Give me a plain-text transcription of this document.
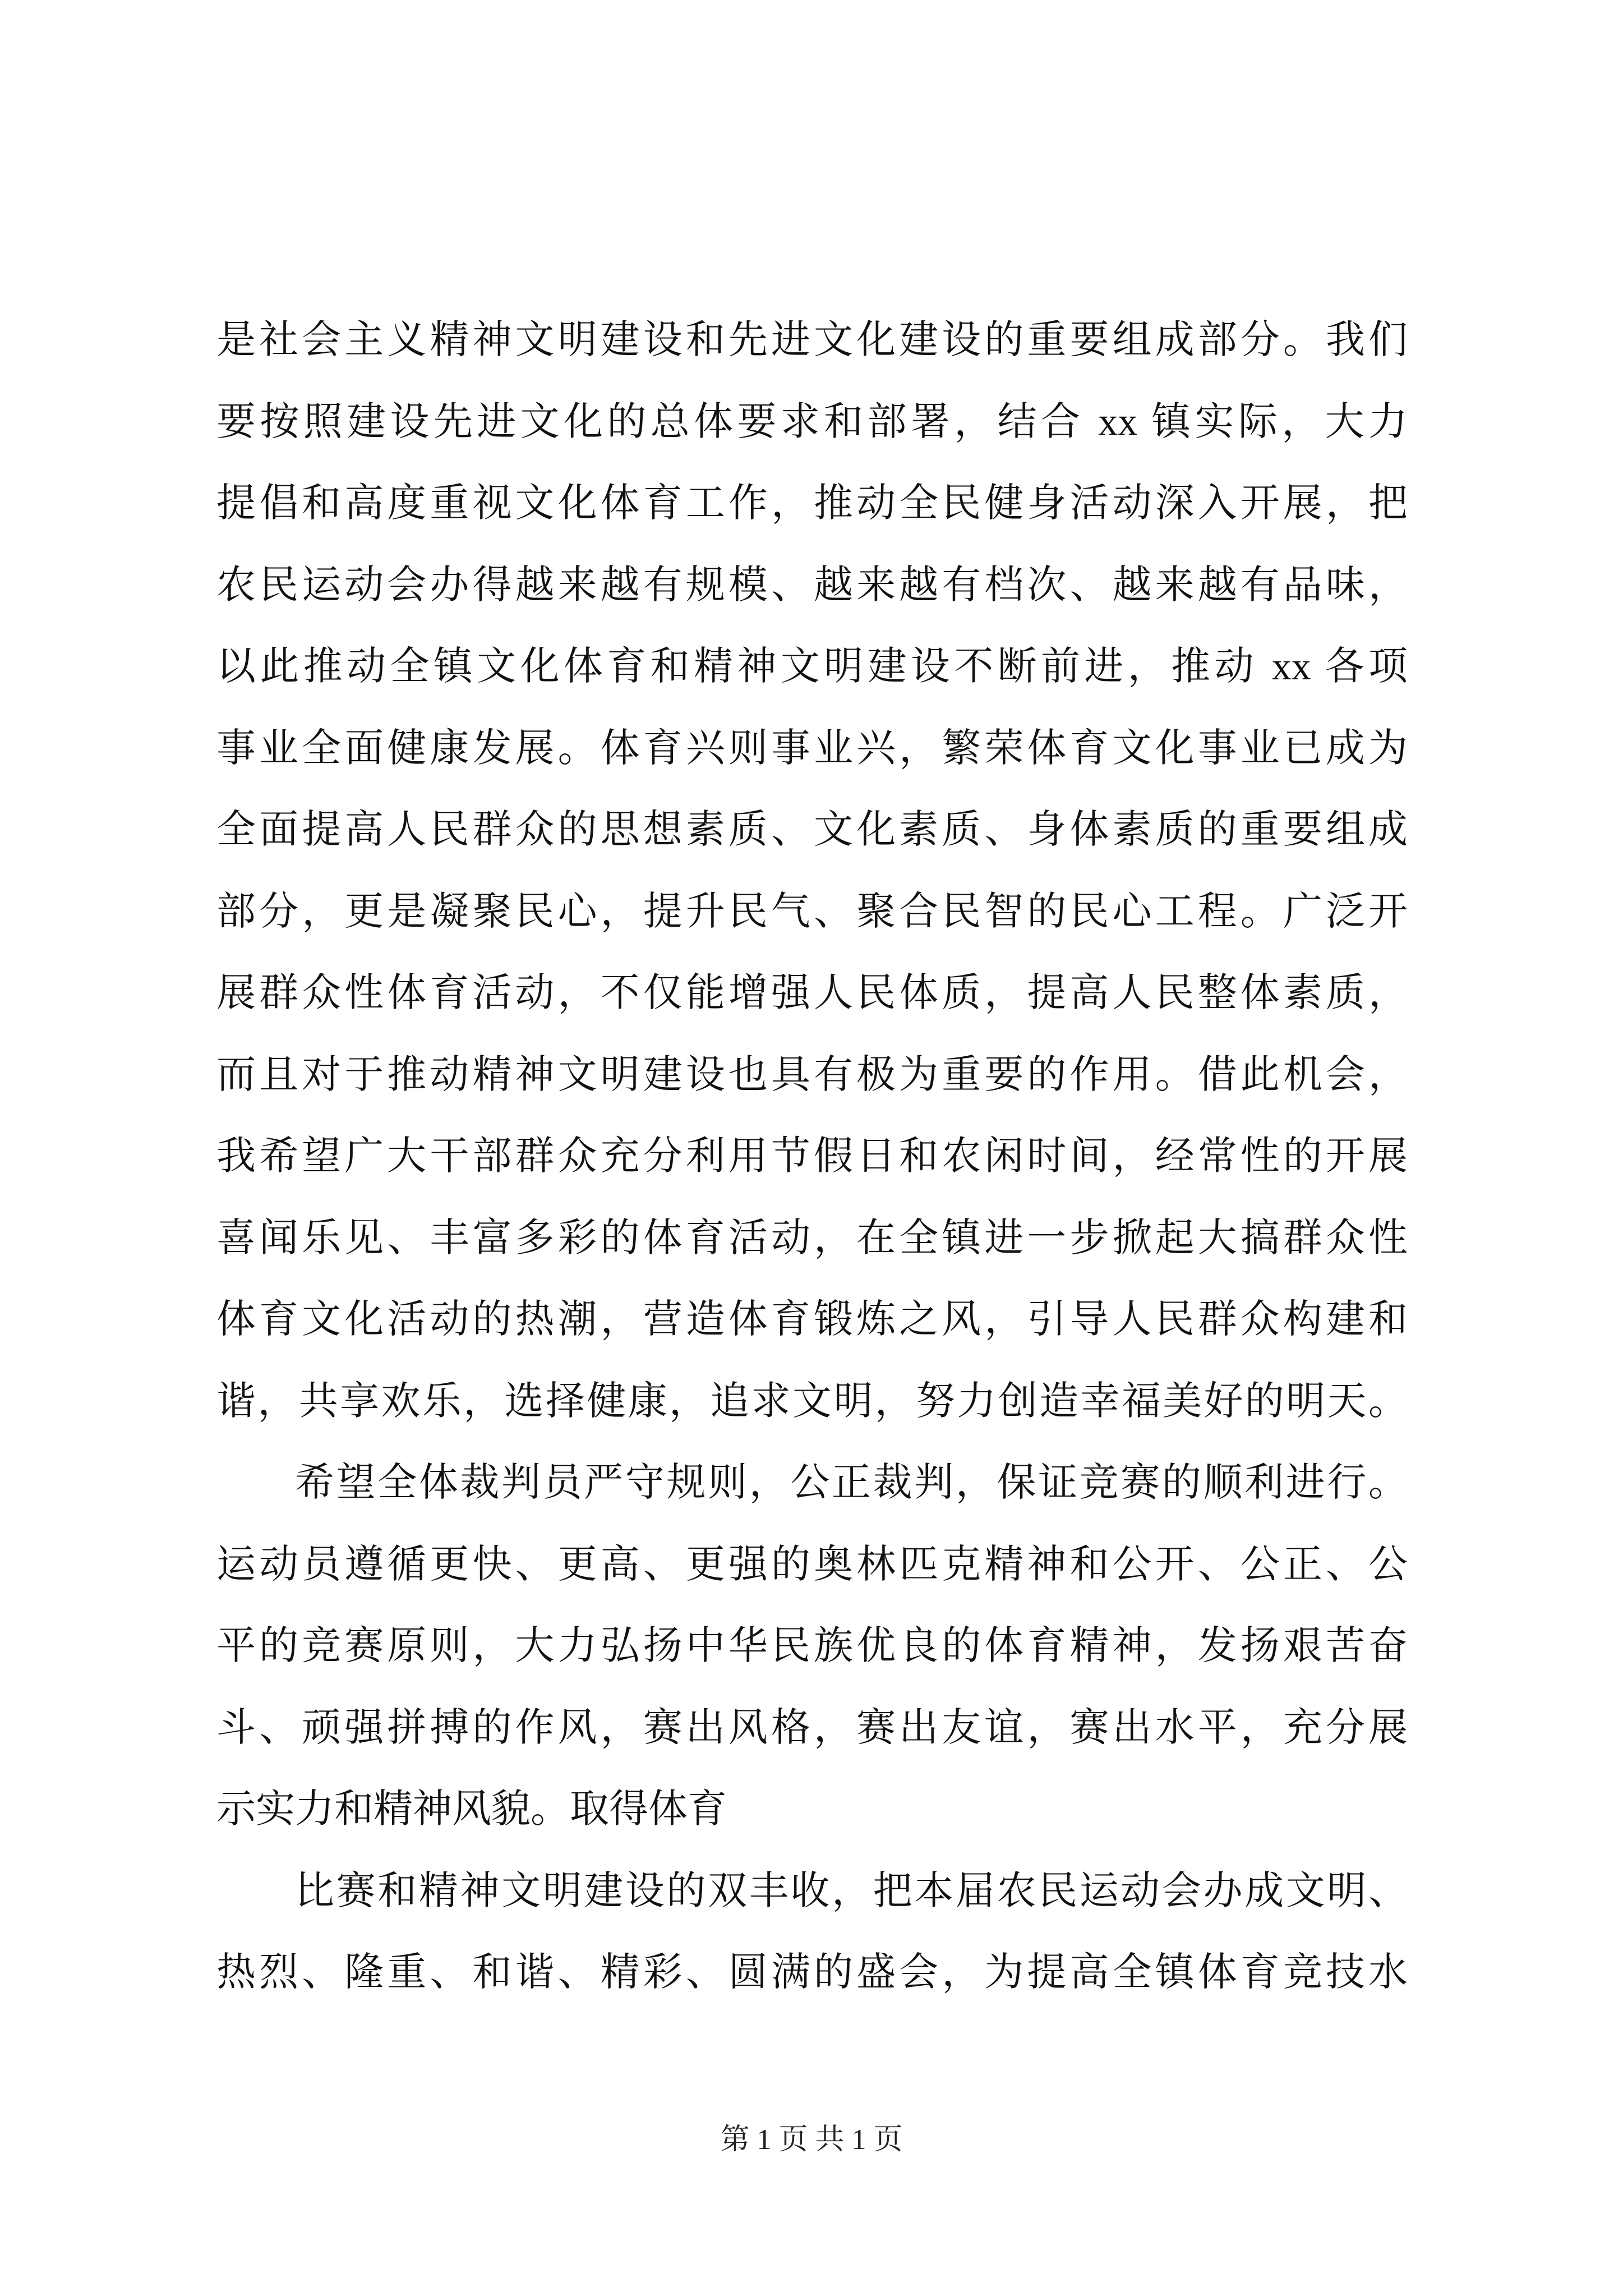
是社会主义精神文明建设和先进文化建设的重要组成部分。我们
要按照建设先进文化的总体要求和部署，结合 xx 镇实际，大力
提倡和高度重视文化体育工作，推动全民健身活动深入开展，把
农民运动会办得越来越有规模、越来越有档次、越来越有品味，
以此推动全镇文化体育和精神文明建设不断前进，推动 xx 各项
事业全面健康发展。体育兴则事业兴，繁荣体育文化事业已成为
全面提高人民群众的思想素质、文化素质、身体素质的重要组成
部分，更是凝聚民心，提升民气、聚合民智的民心工程。广泛开
展群众性体育活动，不仅能增强人民体质，提高人民整体素质，
而且对于推动精神文明建设也具有极为重要的作用。借此机会，
我希望广大干部群众充分利用节假日和农闲时间，经常性的开展
喜闻乐见、丰富多彩的体育活动，在全镇进一步掀起大搞群众性
体育文化活动的热潮，营造体育锻炼之风，引导人民群众构建和
谐，共享欢乐，选择健康，追求文明，努力创造幸福美好的明天。
希望全体裁判员严守规则，公正裁判，保证竞赛的顺利进行。
运动员遵循更快、更高、更强的奥林匹克精神和公开、公正、公
平的竞赛原则，大力弘扬中华民族优良的体育精神，发扬艰苦奋
斗、顽强拼搏的作风，赛出风格，赛出友谊，赛出水平，充分展
示实力和精神风貌。取得体育
比赛和精神文明建设的双丰收，把本届农民运动会办成文明、
热烈、隆重、和谐、精彩、圆满的盛会，为提高全镇体育竞技水
第 1 页 共 1 页
